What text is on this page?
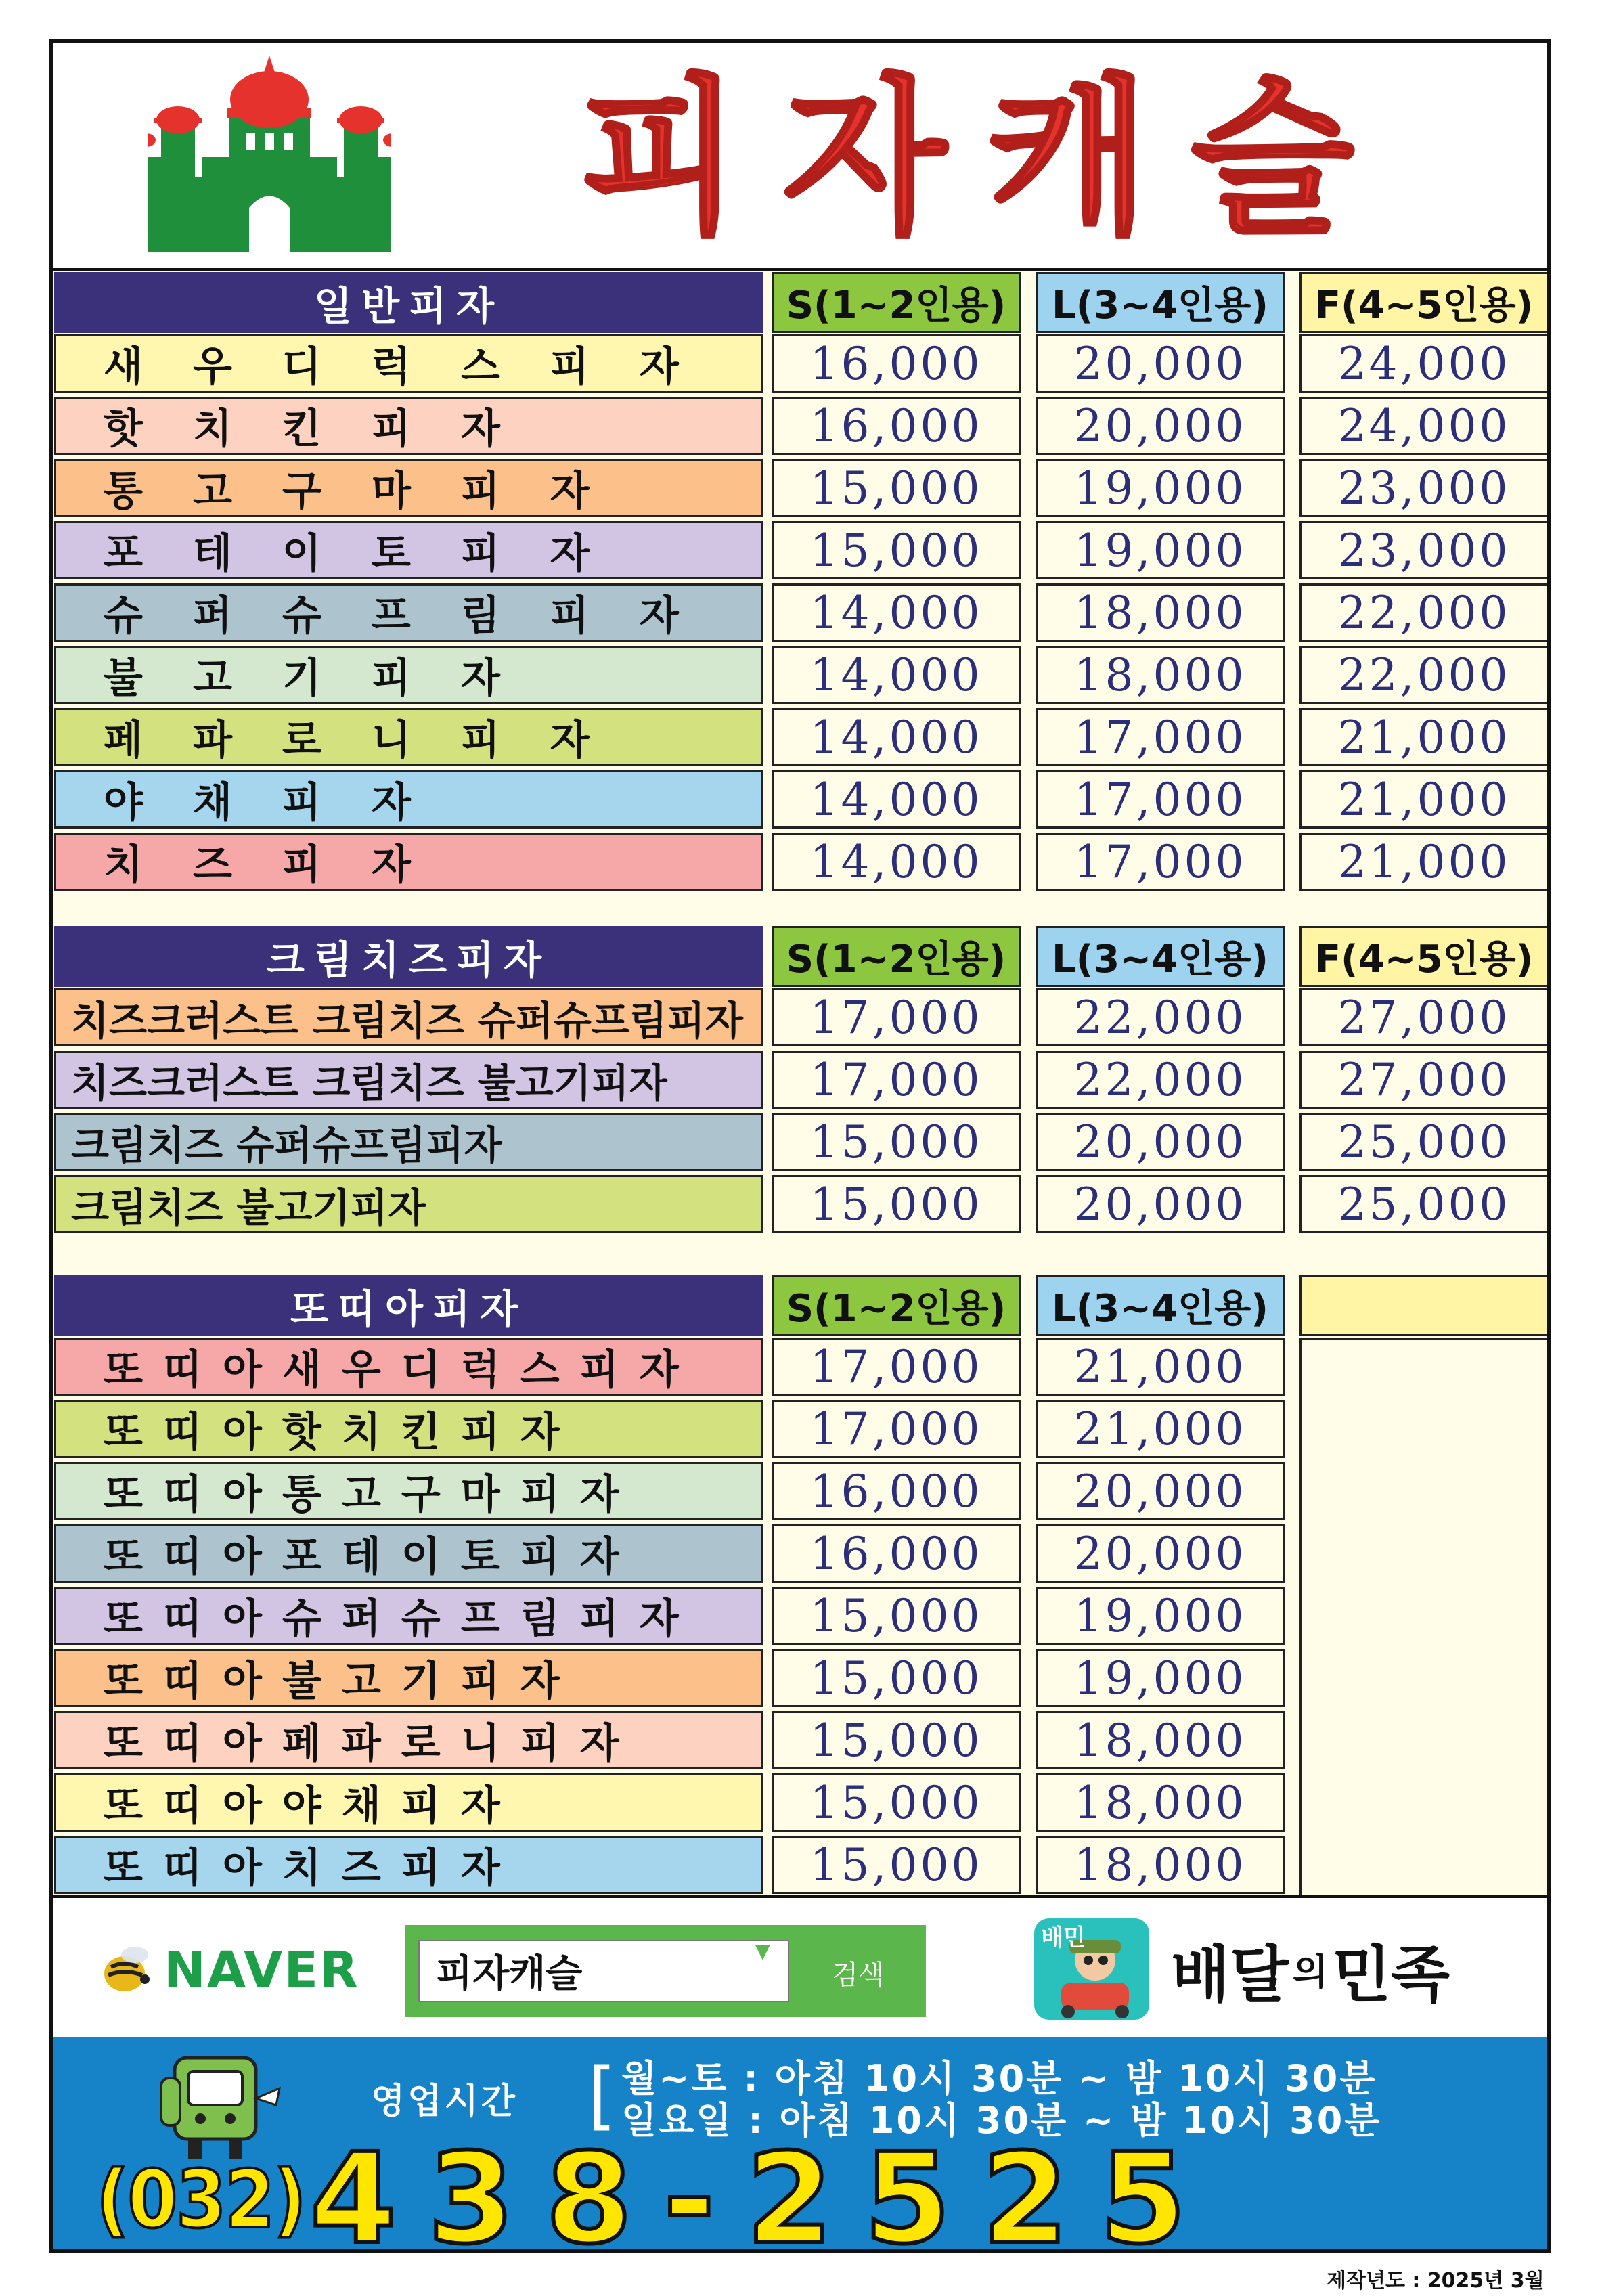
피자캐슬
일반피자	S(1~2인용)	L(3~4인용)	F(4~5인용)
새우디럭스피자	16,000	20,000	24,000
핫치킨피자	16,000	20,000	24,000
통고구마피자	15,000	19,000	23,000
포테이토피자	15,000	19,000	23,000
슈퍼슈프림피자	14,000	18,000	22,000
불고기피자	14,000	18,000	22,000
페파로니피자	14,000	17,000	21,000
야채피자	14,000	17,000	21,000
치즈피자	14,000	17,000	21,000
크림치즈피자	S(1~2인용)	L(3~4인용)	F(4~5인용)
치즈크러스트 크림치즈 슈퍼슈프림피자	17,000	22,000	27,000
치즈크러스트 크림치즈 불고기피자	17,000	22,000	27,000
크림치즈 슈퍼슈프림피자	15,000	20,000	25,000
크림치즈 불고기피자	15,000	20,000	25,000
또띠아피자	S(1~2인용)	L(3~4인용)
또띠아새우디럭스피자	17,000	21,000
또띠아핫치킨피자	17,000	21,000
또띠아통고구마피자	16,000	20,000
또띠아포테이토피자	16,000	20,000
또띠아슈퍼슈프림피자	15,000	19,000
또띠아불고기피자	15,000	19,000
또띠아페파로니피자	15,000	18,000
또띠아야채피자	15,000	18,000
또띠아치즈피자	15,000	18,000
NAVER	피자캐슬
▼
검색
배민
배달 의 민족
영업시간 [ 월~토 : 아침 10시 30분 ~ 밤 10시 30분
일요일 : 아침 10시 30분 ~ 밤 10시 30분
(032) 438-2525
제작년도 : 2025년 3월
